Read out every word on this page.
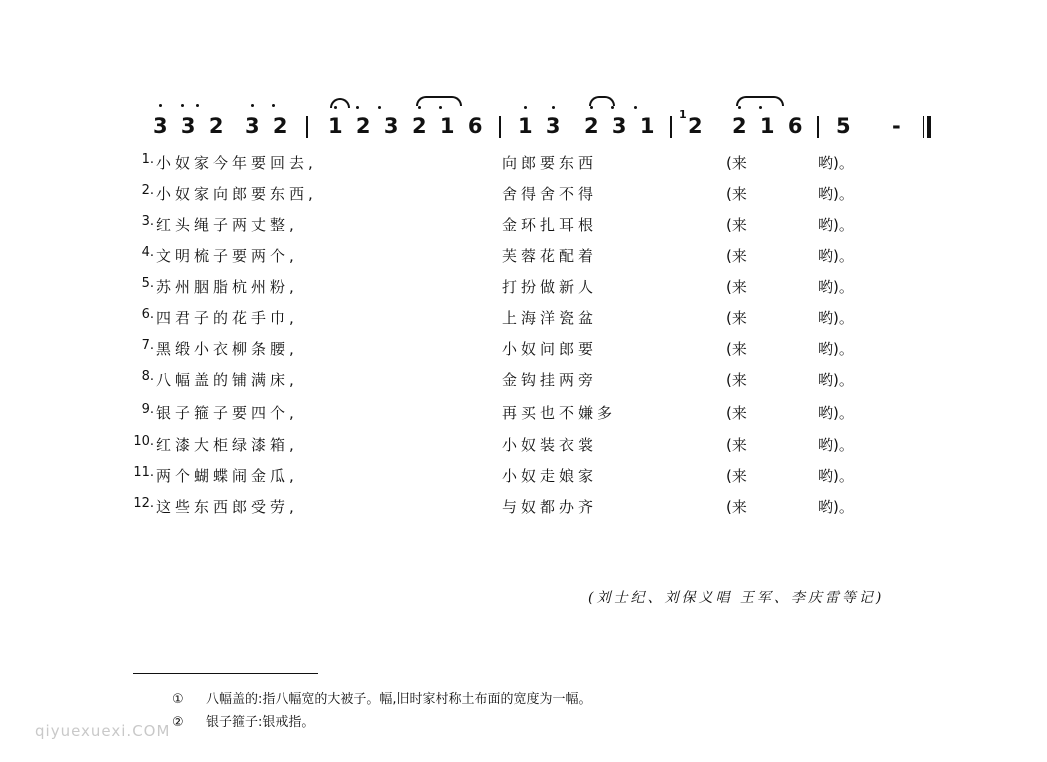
3 3 2 3 2 1 2 3 2 1 6 1 3 2 3 1 1 2 2 1 6 5 -
1. 小奴家今年要回去,	向郎要东西	(来	哟)。
2. 小奴家向郎要东西,	舍得舍不得	(来	哟)。
3. 红头绳子两丈整,	金环扎耳根	(来	哟)。
4. 文明梳子要两个,	芙蓉花配着	(来	哟)。
5. 苏州胭脂杭州粉,	打扮做新人	(来	哟)。
6. 四君子的花手巾,	上海洋瓷盆	(来	哟)。
7. 黑缎小衣柳条腰,	小奴问郎要	(来	哟)。
8. 八幅盖的铺满床,	金钩挂两旁	(来	哟)。
9. 银子箍子要四个,	再买也不嫌多	(来	哟)。
10. 红漆大柜绿漆箱,	小奴装衣裳	(来	哟)。
11. 两个蝴蝶闹金瓜,	小奴走娘家	(来	哟)。
12. 这些东西郎受劳,	与奴都办齐	(来	哟)。
(刘士纪、刘保义唱 王军、李庆雷等记)
① 八幅盖的:指八幅宽的大被子。幅,旧时家村称土布面的宽度为一幅。
② 银子箍子:银戒指。
qiyuexuexi.COM
